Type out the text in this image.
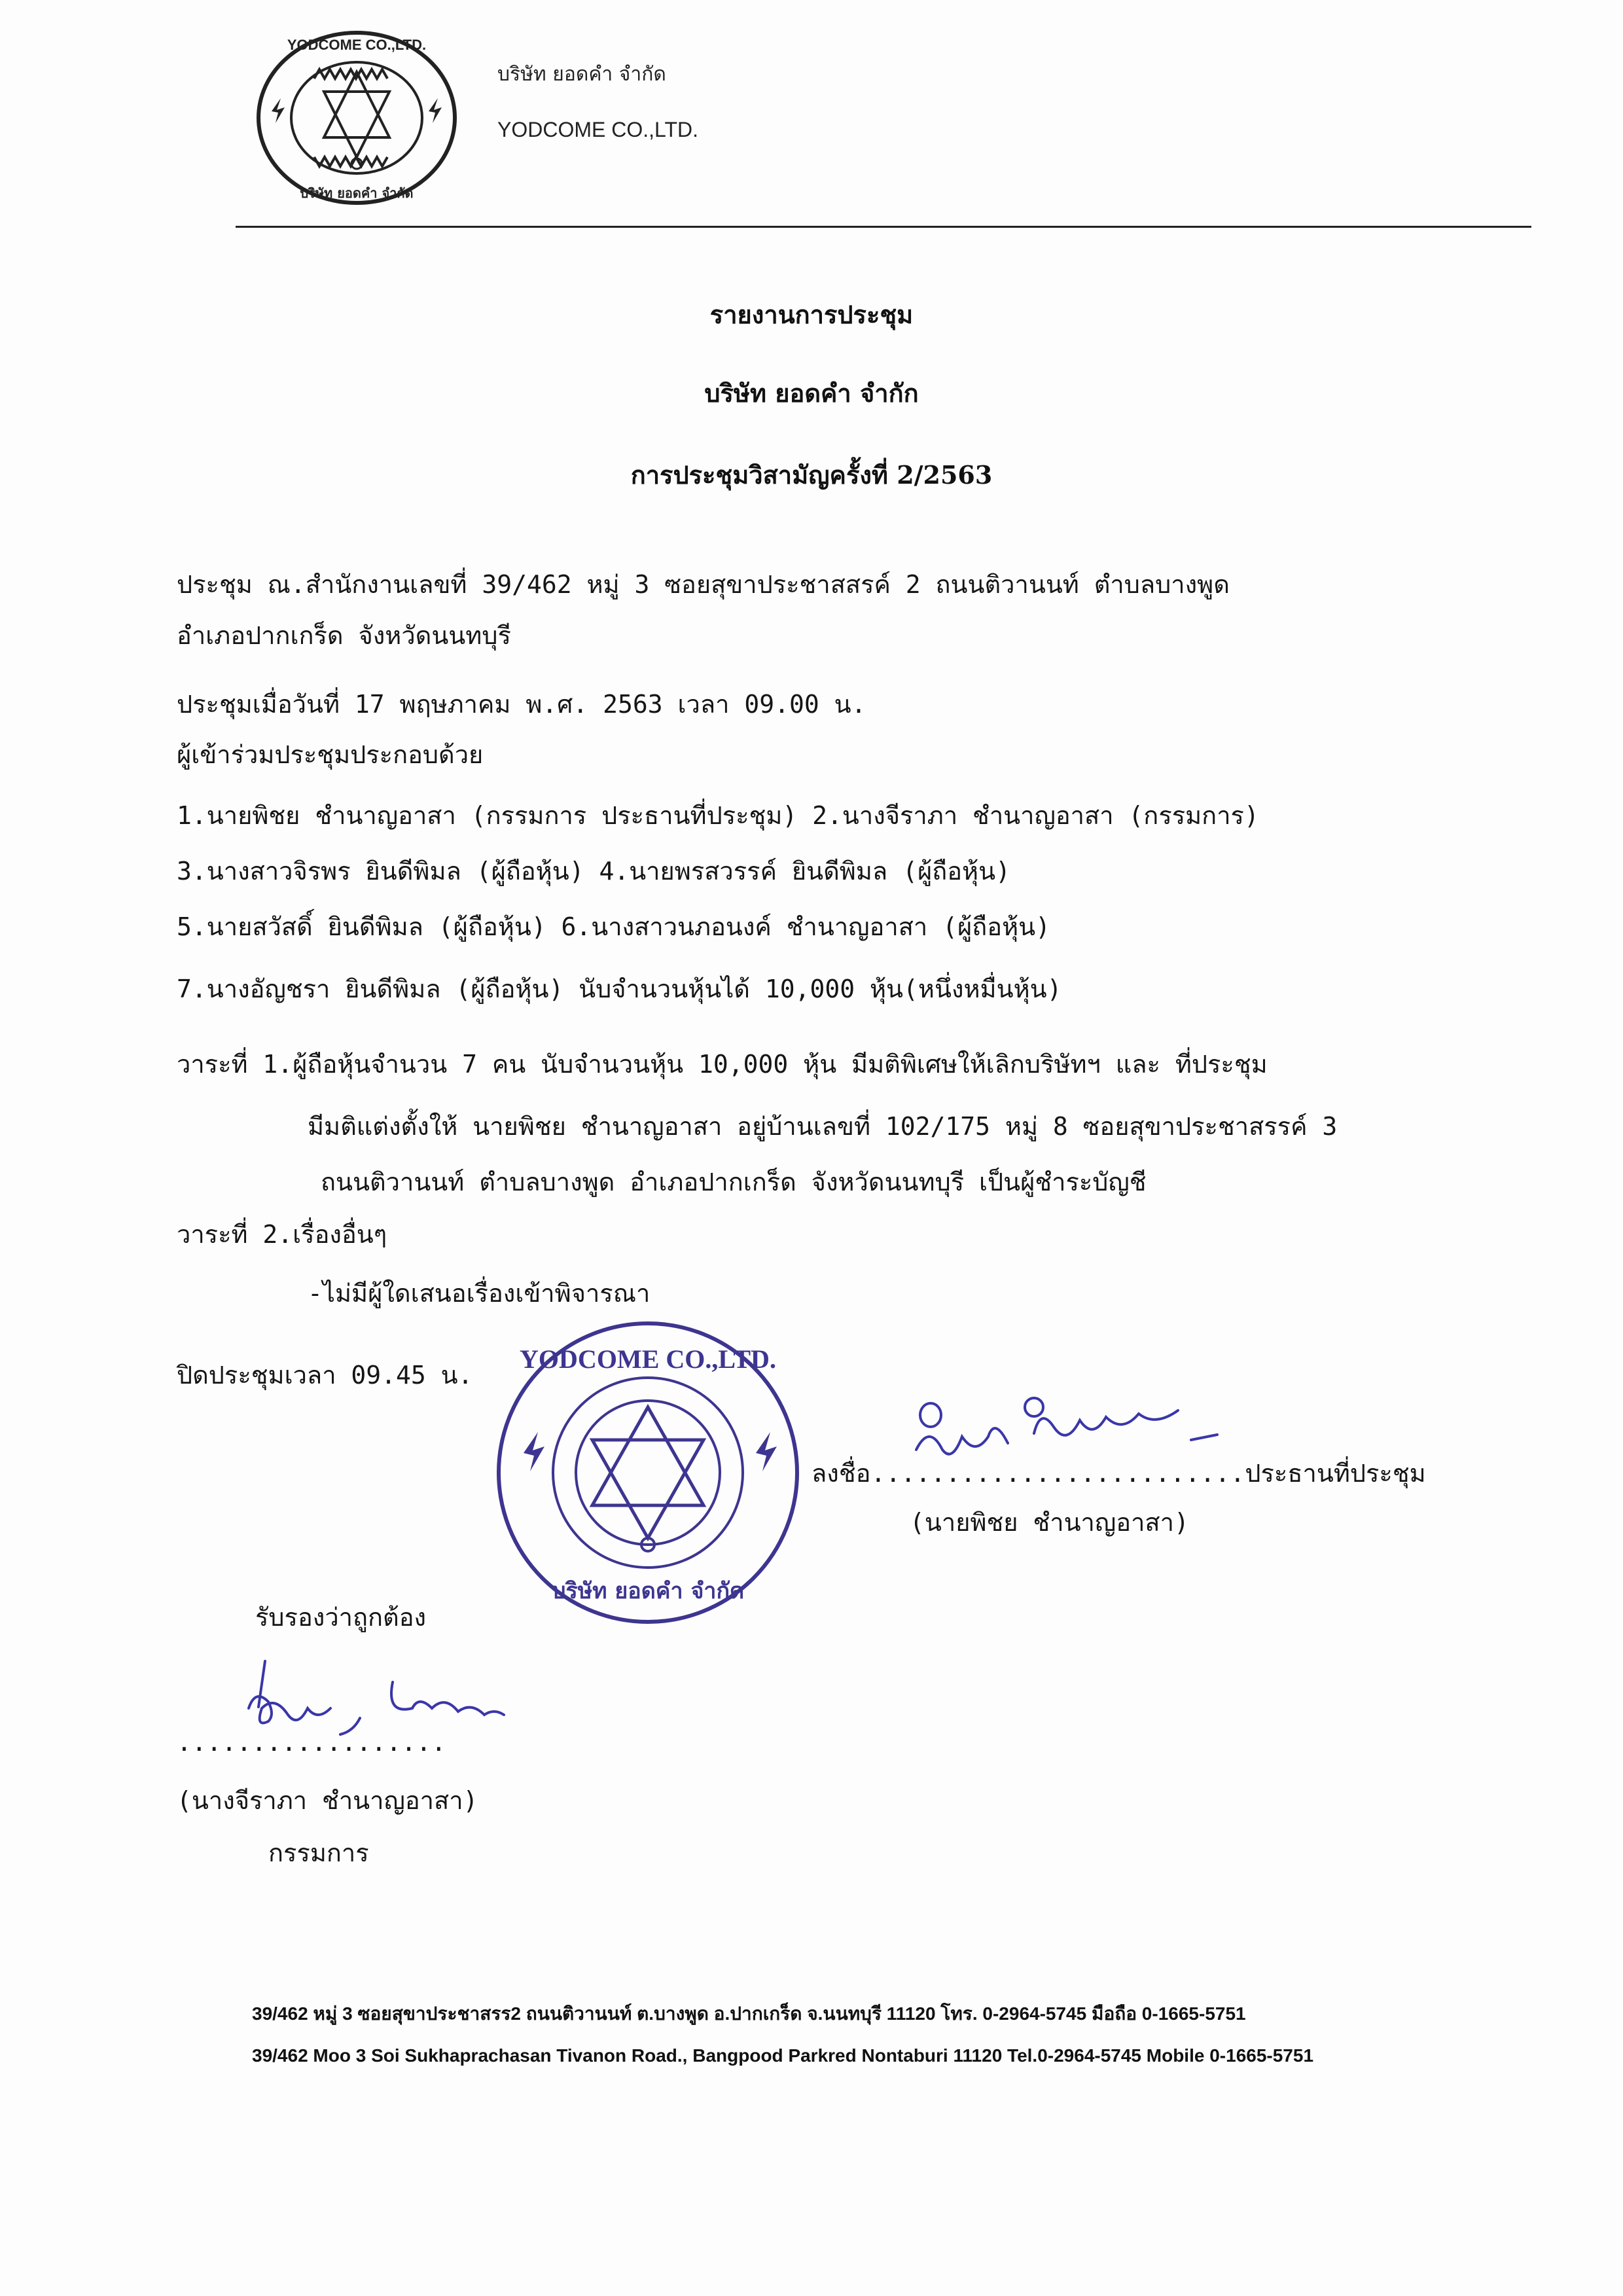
YODCOME CO.,LTD.
บริษัท ยอดคำ จำกัด
บริษัท ยอดคำ จำกัด
YODCOME CO.,LTD.
รายงานการประชุม
บริษัท ยอดคำ จำกัก
การประชุมวิสามัญครั้งที่ 2/2563
ประชุม ณ.สำนักงานเลขที่ 39/462 หมู่ 3 ซอยสุขาประชาสสรค์ 2 ถนนติวานนท์ ตำบลบางพูด
อำเภอปากเกร็ด จังหวัดนนทบุรี
ประชุมเมื่อวันที่ 17 พฤษภาคม พ.ศ. 2563 เวลา 09.00 น.
ผู้เข้าร่วมประชุมประกอบด้วย
1.นายพิชย ชำนาญอาสา (กรรมการ ประธานที่ประชุม) 2.นางจีราภา ชำนาญอาสา (กรรมการ)
3.นางสาวจิรพร ยินดีพิมล (ผู้ถือหุ้น) 4.นายพรสวรรค์ ยินดีพิมล (ผู้ถือหุ้น)
5.นายสวัสดิ์ ยินดีพิมล (ผู้ถือหุ้น) 6.นางสาวนภอนงค์ ชำนาญอาสา (ผู้ถือหุ้น)
7.นางอัญชรา ยินดีพิมล (ผู้ถือหุ้น) นับจำนวนหุ้นได้ 10,000 หุ้น(หนึ่งหมื่นหุ้น)
วาระที่ 1.ผู้ถือหุ้นจำนวน 7 คน นับจำนวนหุ้น 10,000 หุ้น มีมติพิเศษให้เลิกบริษัทฯ และ ที่ประชุม
มีมติแต่งตั้งให้ นายพิชย ชำนาญอาสา อยู่บ้านเลขที่ 102/175 หมู่ 8 ซอยสุขาประชาสรรค์ 3
ถนนติวานนท์ ตำบลบางพูด อำเภอปากเกร็ด จังหวัดนนทบุรี เป็นผู้ชำระบัญชี
วาระที่ 2.เรื่องอื่นๆ
-ไม่มีผู้ใดเสนอเรื่องเข้าพิจารณา
ปิดประชุมเวลา 09.45 น.
YODCOME CO.,LTD.
บริษัท ยอดคำ จำกัด
ลงชื่อ.........................ประธานที่ประชุม
(นายพิชย ชำนาญอาสา)
รับรองว่าถูกต้อง
..................
(นางจีราภา ชำนาญอาสา)
กรรมการ
39/462 หมู่ 3 ซอยสุขาประชาสรร2 ถนนติวานนท์ ต.บางพูด อ.ปากเกร็ด จ.นนทบุรี 11120 โทร. 0-2964-5745 มือถือ 0-1665-5751
39/462 Moo 3 Soi Sukhaprachasan Tivanon Road., Bangpood Parkred Nontaburi 11120 Tel.0-2964-5745 Mobile 0-1665-5751
